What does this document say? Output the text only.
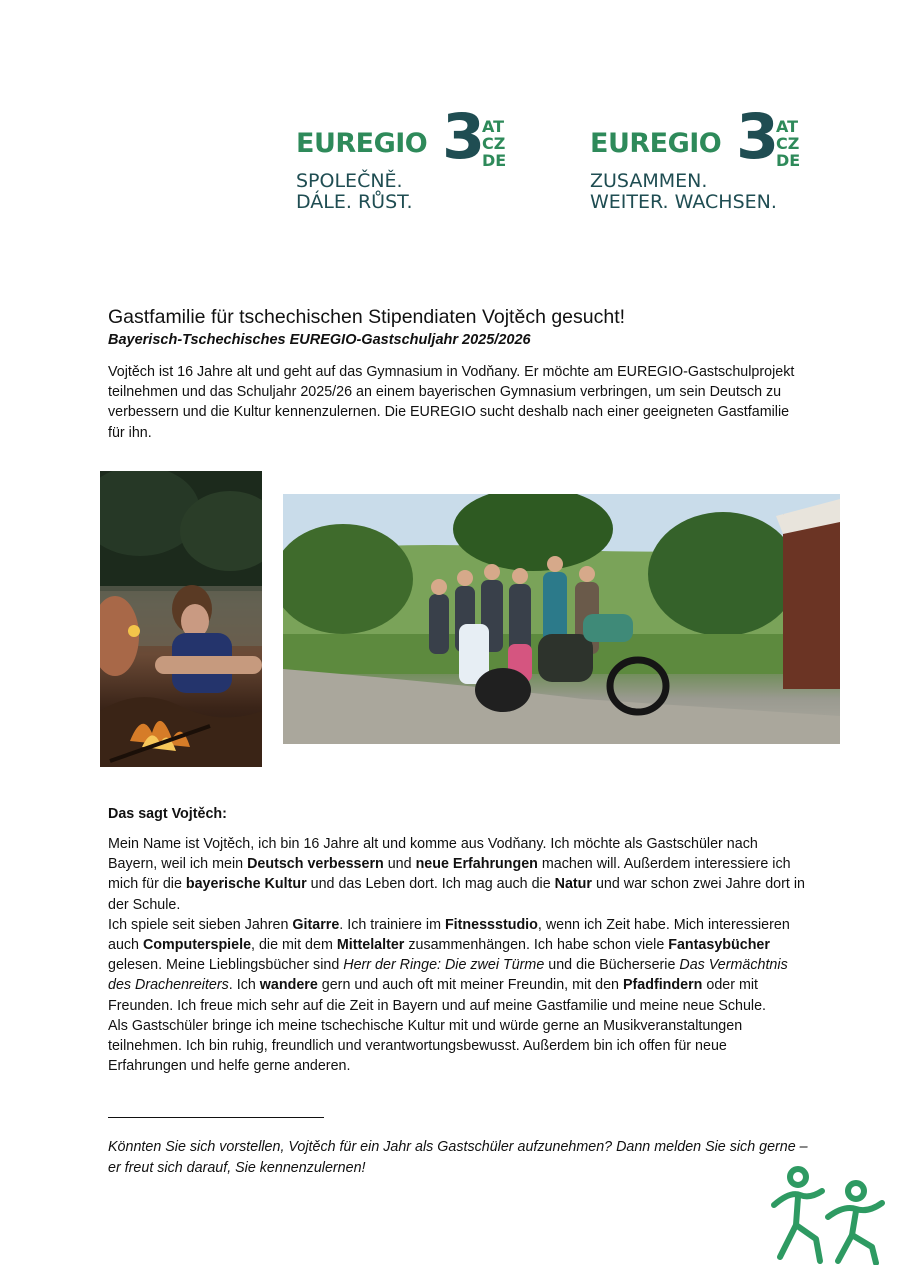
EUREGIO 3
AT
CZ
DE
SPOLEČNĚ.
DÁLE. RŮST.
EUREGIO 3
AT
CZ
DE
ZUSAMMEN.
WEITER. WACHSEN.
Gastfamilie für tschechischen Stipendiaten Vojtěch gesucht!
Bayerisch-Tschechisches EUREGIO-Gastschuljahr 2025/2026
Vojtěch ist 16 Jahre alt und geht auf das Gymnasium in Vodňany. Er möchte am EUREGIO-Gastschulprojekt teilnehmen und das Schuljahr 2025/26 an einem bayerischen Gymnasium verbringen, um sein Deutsch zu verbessern und die Kultur kennenzulernen. Die EUREGIO sucht deshalb nach einer geeigneten Gastfamilie für ihn.
Das sagt Vojtěch:

Mein Name ist Vojtěch, ich bin 16 Jahre alt und komme aus Vodňany. Ich möchte als Gastschüler nach Bayern, weil ich mein Deutsch verbessern und neue Erfahrungen machen will. Außerdem interessiere ich mich für die bayerische Kultur und das Leben dort. Ich mag auch die Natur und war schon zwei Jahre dort in der Schule.

Ich spiele seit sieben Jahren Gitarre. Ich trainiere im Fitnessstudio, wenn ich Zeit habe. Mich interessieren auch Computerspiele, die mit dem Mittelalter zusammenhängen. Ich habe schon viele Fantasybücher gelesen. Meine Lieblingsbücher sind Herr der Ringe: Die zwei Türme und die Bücherserie Das Vermächtnis des Drachenreiters. Ich wandere gern und auch oft mit meiner Freundin, mit den Pfadfindern oder mit Freunden. Ich freue mich sehr auf die Zeit in Bayern und auf meine Gastfamilie und meine neue Schule.

Als Gastschüler bringe ich meine tschechische Kultur mit und würde gerne an Musikveranstaltungen teilnehmen. Ich bin ruhig, freundlich und verantwortungsbewusst. Außerdem bin ich offen für neue Erfahrungen und helfe gerne anderen.

Könnten Sie sich vorstellen, Vojtěch für ein Jahr als Gastschüler aufzunehmen? Dann melden Sie sich gerne – er freut sich darauf, Sie kennenzulernen!
